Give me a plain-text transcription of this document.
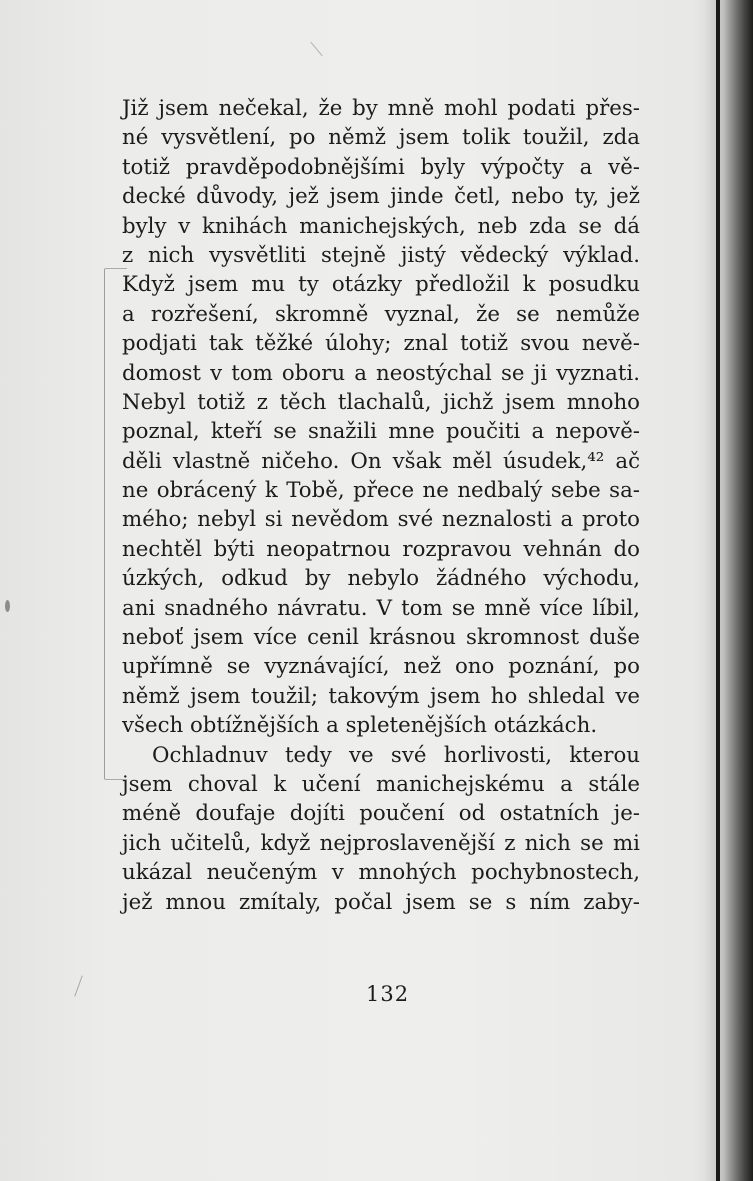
Již jsem nečekal, že by mně mohl podati přes-
né vysvětlení, po němž jsem tolik toužil, zda
totiž pravděpodobnějšími byly výpočty a vě-
decké důvody, jež jsem jinde četl, nebo ty, jež
byly v knihách manichejských, neb zda se dá
z nich vysvětliti stejně jistý vědecký výklad.
Když jsem mu ty otázky předložil k posudku
a rozřešení, skromně vyznal, že se nemůže
podjati tak těžké úlohy; znal totiž svou nevě-
domost v tom oboru a neostýchal se ji vyznati.
Nebyl totiž z těch tlachalů, jichž jsem mnoho
poznal, kteří se snažili mne poučiti a nepově-
děli vlastně ničeho. On však měl úsudek,⁴² ač
ne obrácený k Tobě, přece ne nedbalý sebe sa-
mého; nebyl si nevědom své neznalosti a proto
nechtěl býti neopatrnou rozpravou vehnán do
úzkých, odkud by nebylo žádného východu,
ani snadného návratu. V tom se mně více líbil,
neboť jsem více cenil krásnou skromnost duše
upřímně se vyznávající, než ono poznání, po
němž jsem toužil; takovým jsem ho shledal ve
všech obtížnějších a spletenějších otázkách.
Ochladnuv tedy ve své horlivosti, kterou
jsem choval k učení manichejskému a stále
méně doufaje dojíti poučení od ostatních je-
jich učitelů, když nejproslavenější z nich se mi
ukázal neučeným v mnohých pochybnostech,
jež mnou zmítaly, počal jsem se s ním zaby-
132
